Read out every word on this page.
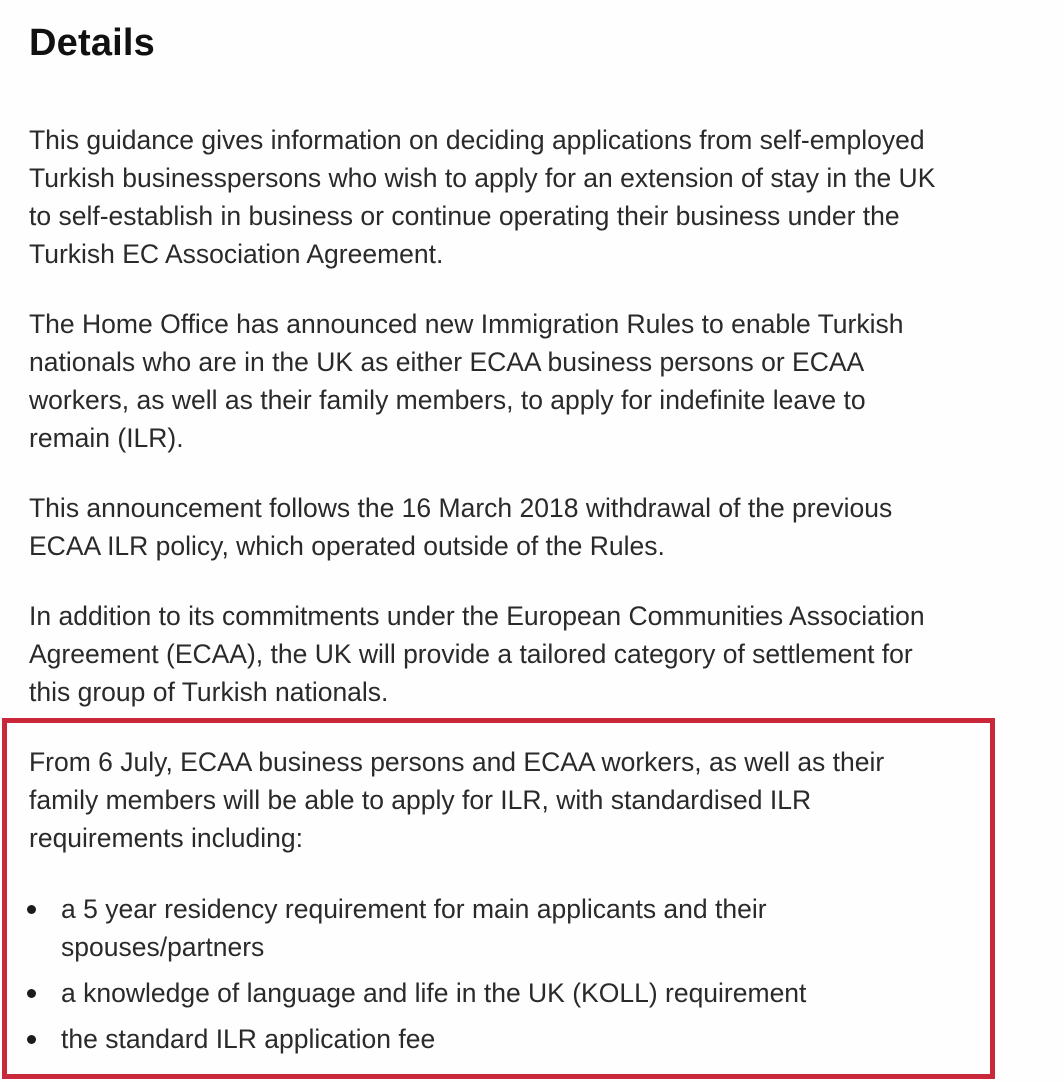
Details

This guidance gives information on deciding applications from self-employed
Turkish businesspersons who wish to apply for an extension of stay in the UK
to self-establish in business or continue operating their business under the
Turkish EC Association Agreement.

The Home Office has announced new Immigration Rules to enable Turkish
nationals who are in the UK as either ECAA business persons or ECAA
workers, as well as their family members, to apply for indefinite leave to
remain (ILR).

This announcement follows the 16 March 2018 withdrawal of the previous
ECAA ILR policy, which operated outside of the Rules.

In addition to its commitments under the European Communities Association
Agreement (ECAA), the UK will provide a tailored category of settlement for
this group of Turkish nationals.

From 6 July, ECAA business persons and ECAA workers, as well as their
family members will be able to apply for ILR, with standardised ILR
requirements including:

a 5 year residency requirement for main applicants and their
spouses/partners
a knowledge of language and life in the UK (KOLL) requirement
the standard ILR application fee
